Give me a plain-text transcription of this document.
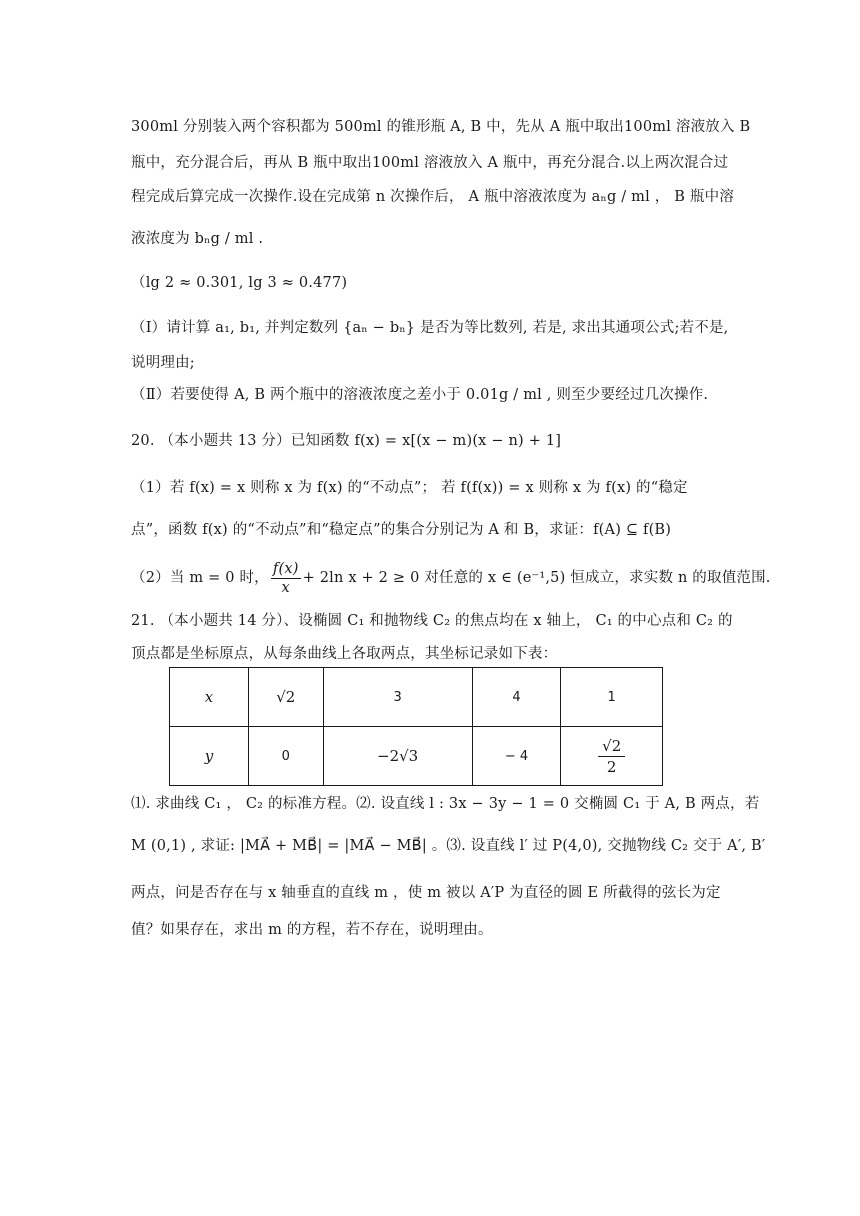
300ml 分别装入两个容积都为 500ml 的锥形瓶 A, B 中，先从 A 瓶中取出100ml 溶液放入 B
瓶中，充分混合后，再从 B 瓶中取出100ml 溶液放入 A 瓶中，再充分混合.以上两次混合过
程完成后算完成一次操作.设在完成第 n 次操作后， A 瓶中溶液浓度为 aₙg / ml ， B 瓶中溶
液浓度为 bₙg / ml .
（lg 2 ≈ 0.301, lg 3 ≈ 0.477)
（Ⅰ）请计算 a₁, b₁, 并判定数列 {aₙ − bₙ} 是否为等比数列, 若是, 求出其通项公式;若不是,
说明理由;
（Ⅱ）若要使得 A, B 两个瓶中的溶液浓度之差小于 0.01g / ml , 则至少要经过几次操作.
20. （本小题共 13 分）已知函数 f(x) = x[(x − m)(x − n) + 1]
（1）若 f(x) = x 则称 x 为 f(x) 的“不动点”； 若 f(f(x)) = x 则称 x 为 f(x) 的“稳定
点”，函数 f(x) 的“不动点”和“稳定点”的集合分别记为 A 和 B，求证：f(A) ⊆ f(B)
（2）当 m = 0 时， $\frac{f(x)}{x} + 2\ln$ x + 2 ≥ 0 对任意的 x ∈ (e⁻¹,5) 恒成立，求实数 n 的取值范围.
21. （本小题共 14 分）、设椭圆 C₁ 和抛物线 C₂ 的焦点均在 x 轴上， C₁ 的中心点和 C₂ 的
顶点都是坐标原点，从每条曲线上各取两点，其坐标记录如下表：
x	√2	3	4	1
y	0	−2√3	− 4	$\frac{√2}{2}$
⑴. 求曲线 C₁ ， C₂ 的标准方程。⑵. 设直线 l : 3x − 3y − 1 = 0 交椭圆 C₁ 于 A, B 两点，若
M (0,1) , 求证: |MA⃗ + MB⃗| = |MA⃗ − MB⃗| 。⑶. 设直线 l′ 过 P(4,0), 交抛物线 C₂ 交于 A′, B′
两点，问是否存在与 x 轴垂直的直线 m ，使 m 被以 A′P 为直径的圆 E 所截得的弦长为定
值？如果存在，求出 m 的方程，若不存在，说明理由。
